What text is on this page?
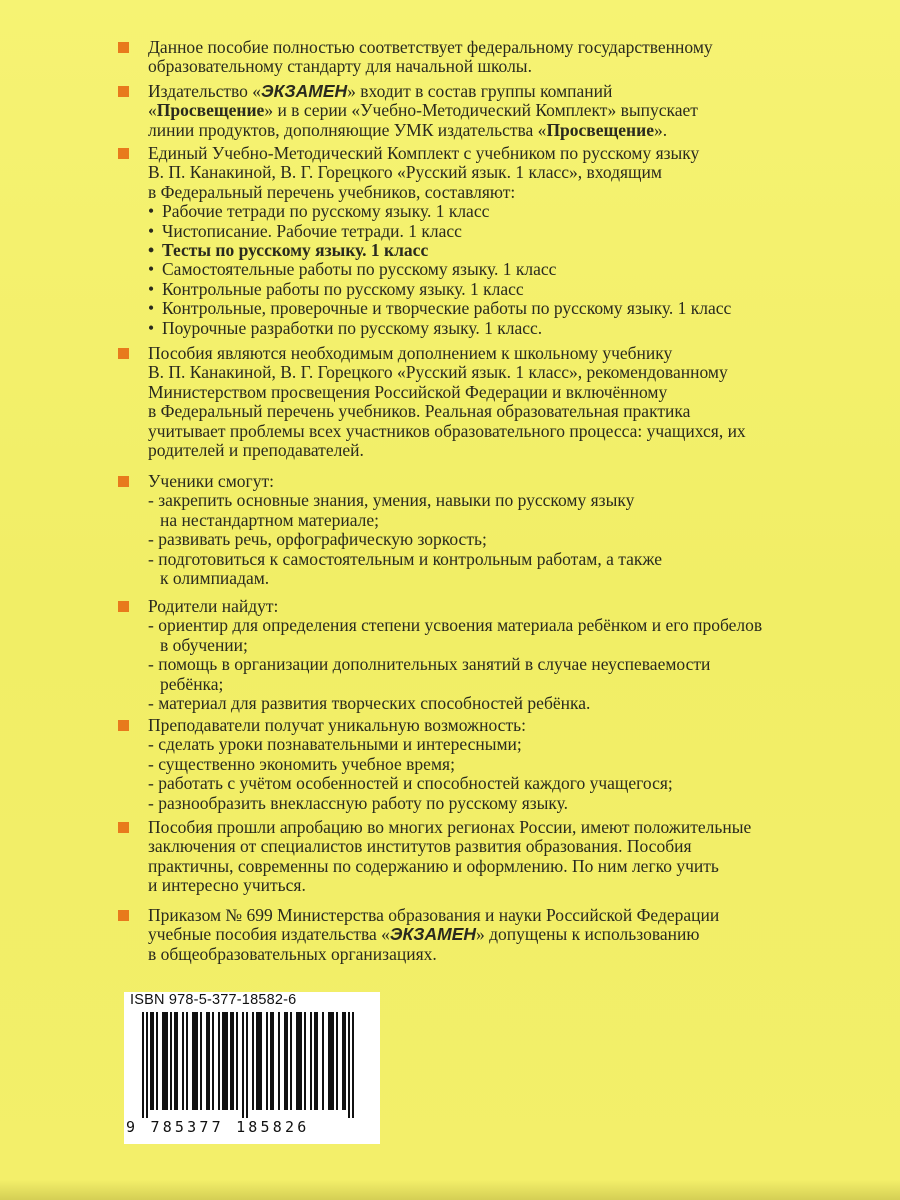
Данное пособие полностью соответствует федеральному государственному
образовательному стандарту для начальной школы.
Издательство «ЭКЗАМЕН» входит в состав группы компаний
«Просвещение» и в серии «Учебно-Методический Комплект» выпускает
линии продуктов, дополняющие УМК издательства «Просвещение».
Единый Учебно-Методический Комплект с учебником по русскому языку
В. П. Канакиной, В. Г. Горецкого «Русский язык. 1 класс», входящим
в Федеральный перечень учебников, составляют:
• Рабочие тетради по русскому языку. 1 класс
• Чистописание. Рабочие тетради. 1 класс
• Тесты по русскому языку. 1 класс
• Самостоятельные работы по русскому языку. 1 класс
• Контрольные работы по русскому языку. 1 класс
• Контрольные, проверочные и творческие работы по русскому языку. 1 класс
• Поурочные разработки по русскому языку. 1 класс.
Пособия являются необходимым дополнением к школьному учебнику
В. П. Канакиной, В. Г. Горецкого «Русский язык. 1 класс», рекомендованному
Министерством просвещения Российской Федерации и включённому
в Федеральный перечень учебников. Реальная образовательная практика
учитывает проблемы всех участников образовательного процесса: учащихся, их
родителей и преподавателей.
Ученики смогут:
- закрепить основные знания, умения, навыки по русскому языку
на нестандартном материале;
- развивать речь, орфографическую зоркость;
- подготовиться к самостоятельным и контрольным работам, а также
к олимпиадам.
Родители найдут:
- ориентир для определения степени усвоения материала ребёнком и его пробелов
в обучении;
- помощь в организации дополнительных занятий в случае неуспеваемости
ребёнка;
- материал для развития творческих способностей ребёнка.
Преподаватели получат уникальную возможность:
- сделать уроки познавательными и интересными;
- существенно экономить учебное время;
- работать с учётом особенностей и способностей каждого учащегося;
- разнообразить внеклассную работу по русскому языку.
Пособия прошли апробацию во многих регионах России, имеют положительные
заключения от специалистов институтов развития образования. Пособия
практичны, современны по содержанию и оформлению. По ним легко учить
и интересно учиться.
Приказом № 699 Министерства образования и науки Российской Федерации
учебные пособия издательства «ЭКЗАМЕН» допущены к использованию
в общеобразовательных организациях.
ISBN 978-5-377-18582-6
9 785377 185826
